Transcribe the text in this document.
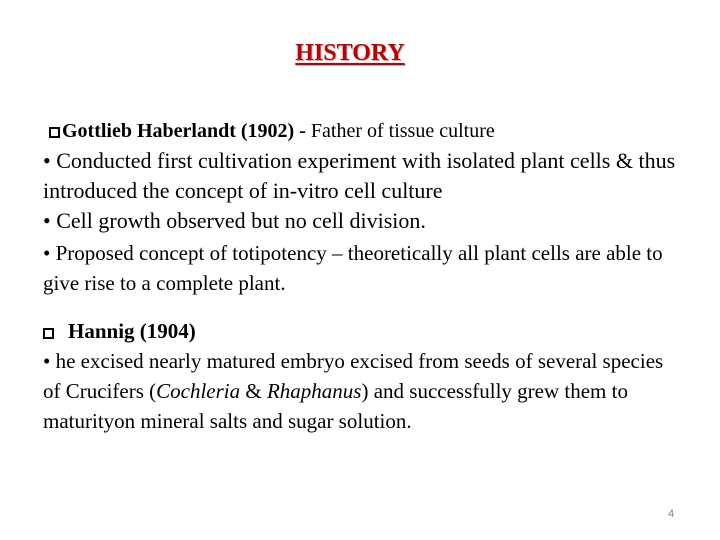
HISTORY
Gottlieb Haberlandt (1902) - Father of tissue culture

• Conducted first cultivation experiment with isolated plant cells & thus introduced the concept of in-vitro cell culture

• Cell growth observed but no cell division.

• Proposed concept of totipotency – theoretically all plant cells are able to give rise to a complete plant.

Hannig (1904)

• he excised nearly matured embryo excised from seeds of several species of Crucifers (Cochleria & Rhaphanus) and successfully grew them to maturityon mineral salts and sugar solution.

4
